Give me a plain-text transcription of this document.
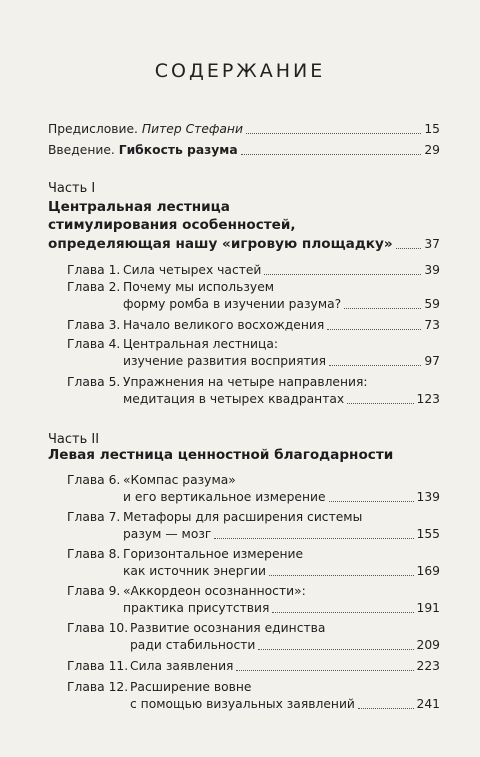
СОДЕРЖАНИЕ
Предисловие. Питер Стефани	15
Введение. Гибкость разума	29
Часть I
Центральная лестница
стимулирования особенностей,
определяющая нашу «игровую площадку»	37
Глава 1. Сила четырех частей	39
Глава 2. Почему мы используем
форму ромба в изучении разума?	59
Глава 3. Начало великого восхождения	73
Глава 4. Центральная лестница:
изучение развития восприятия	97
Глава 5. Упражнения на четыре направления:
медитация в четырех квадрантах	123
Часть II
Левая лестница ценностной благодарности
Глава 6. «Компас разума»
и его вертикальное измерение	139
Глава 7. Метафоры для расширения системы
разум — мозг	155
Глава 8. Горизонтальное измерение
как источник энергии	169
Глава 9. «Аккордеон осознанности»:
практика присутствия	191
Глава 10. Развитие осознания единства
ради стабильности	209
Глава 11. Сила заявления	223
Глава 12. Расширение вовне
с помощью визуальных заявлений	241
